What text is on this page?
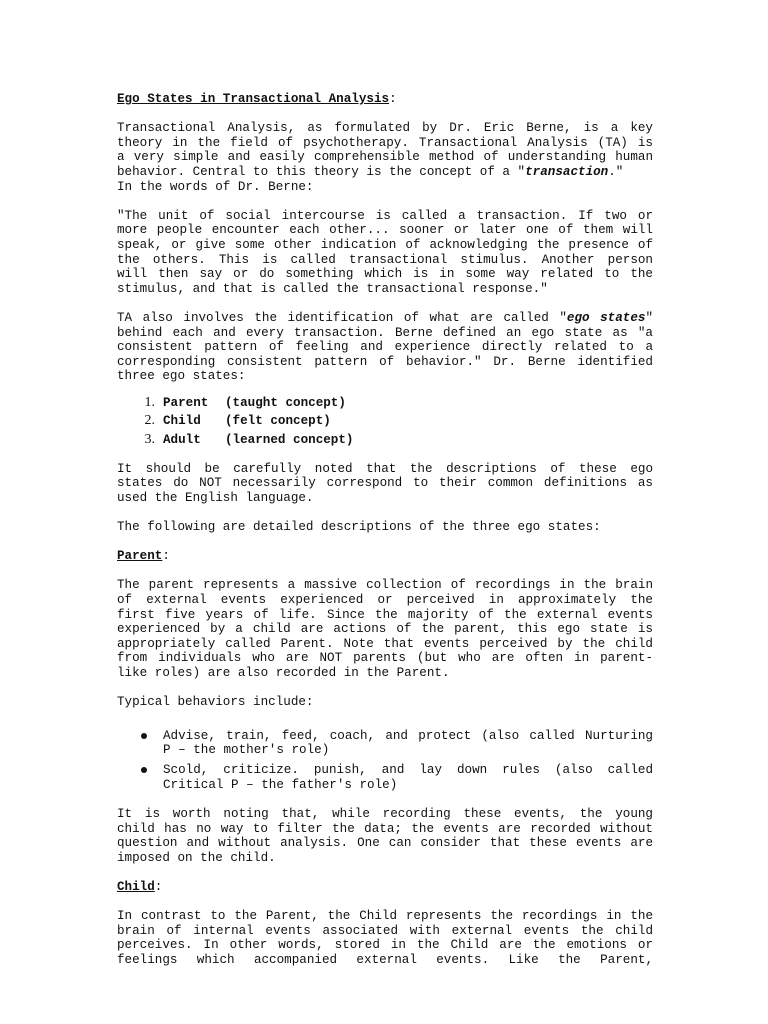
Ego States in Transactional Analysis:

Transactional Analysis, as formulated by Dr. Eric Berne, is a key

theory in the field of psychotherapy. Transactional Analysis (TA) is

a very simple and easily comprehensible method of understanding human

behavior. Central to this theory is the concept of a "transaction."

In the words of Dr. Berne:

"The unit of social intercourse is called a transaction. If two or

more people encounter each other... sooner or later one of them will

speak, or give some other indication of acknowledging the presence of

the others. This is called transactional stimulus. Another person

will then say or do something which is in some way related to the

stimulus, and that is called the transactional response."

TA also involves the identification of what are called "ego states"

behind each and every transaction. Berne defined an ego state as "a

consistent pattern of feeling and experience directly related to a

corresponding consistent pattern of behavior." Dr. Berne identified

three ego states:

1. Parent	(taught concept)
2. Child	(felt concept)
3. Adult	(learned concept)

It should be carefully noted that the descriptions of these ego

states do NOT necessarily correspond to their common definitions as

used the English language.

The following are detailed descriptions of the three ego states:

Parent:

The parent represents a massive collection of recordings in the brain

of external events experienced or perceived in approximately the

first five years of life. Since the majority of the external events

experienced by a child are actions of the parent, this ego state is

appropriately called Parent. Note that events perceived by the child

from individuals who are NOT parents (but who are often in parent-

like roles) are also recorded in the Parent.

Typical behaviors include:

Advise, train, feed, coach, and protect (also called Nurturing

P – the mother's role)

Scold, criticize. punish, and lay down rules (also called

Critical P – the father's role)

It is worth noting that, while recording these events, the young

child has no way to filter the data; the events are recorded without

question and without analysis. One can consider that these events are

imposed on the child.

Child:

In contrast to the Parent, the Child represents the recordings in the

brain of internal events associated with external events the child

perceives. In other words, stored in the Child are the emotions or

feelings which accompanied external events. Like the Parent,
